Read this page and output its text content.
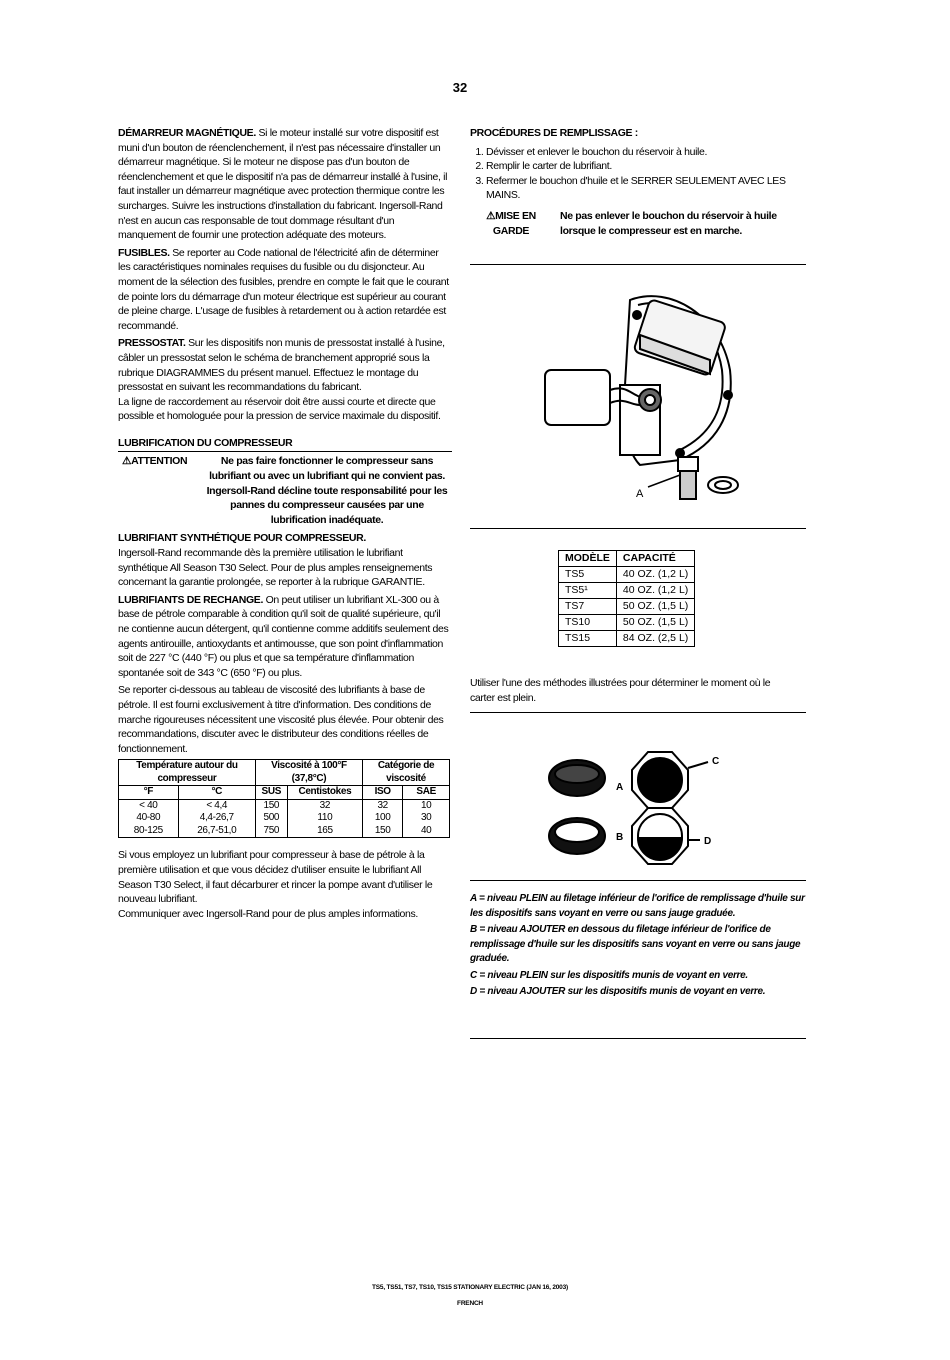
32

DÉMARREUR MAGNÉTIQUE. Si le moteur installé sur votre dispositif est muni d'un bouton de réenclenchement, il n'est pas nécessaire d'installer un démarreur magnétique. Si le moteur ne dispose pas d'un bouton de réenclenchement et que le dispositif n'a pas de démarreur installé à l'usine, il faut installer un démarreur magnétique avec protection thermique contre les surcharges. Suivre les instructions d'installation du fabricant. Ingersoll-Rand n'est en aucun cas responsable de tout dommage résultant d'un manquement de fournir une protection adéquate des moteurs.

FUSIBLES. Se reporter au Code national de l'électricité afin de déterminer les caractéristiques nominales requises du fusible ou du disjoncteur. Au moment de la sélection des fusibles, prendre en compte le fait que le courant de pointe lors du démarrage d'un moteur électrique est supérieur au courant de pleine charge. L'usage de fusibles à retardement ou à action retardée est recommandé.

PRESSOSTAT. Sur les dispositifs non munis de pressostat installé à l'usine, câbler un pressostat selon le schéma de branchement approprié sous la rubrique DIAGRAMMES du présent manuel. Effectuez le montage du pressostat en suivant les recommandations du fabricant.

La ligne de raccordement au réservoir doit être aussi courte et directe que possible et homologuée pour la pression de service maximale du dispositif.

LUBRIFICATION DU COMPRESSEUR
⚠ATTENTION	Ne pas faire fonctionner le compresseur sans lubrifiant ou avec un lubrifiant qui ne convient pas. Ingersoll-Rand décline toute responsabilité pour les pannes du compresseur causées par une lubrification inadéquate.

LUBRIFIANT SYNTHÉTIQUE POUR COMPRESSEUR.
Ingersoll-Rand recommande dès la première utilisation le lubrifiant synthétique All Season T30 Select. Pour de plus amples renseignements concernant la garantie prolongée, se reporter à la rubrique GARANTIE.

LUBRIFIANTS DE RECHANGE. On peut utiliser un lubrifiant XL-300 ou à base de pétrole comparable à condition qu'il soit de qualité supérieure, qu'il ne contienne aucun détergent, qu'il contienne comme additifs seulement des agents antirouille, antioxydants et antimousse, que son point d'inflammation soit de 227 °C (440 °F) ou plus et que sa température d'inflammation spontanée soit de 343 °C (650 °F) ou plus.

Se reporter ci-dessous au tableau de viscosité des lubrifiants à base de pétrole. Il est fourni exclusivement à titre d'information. Des conditions de marche rigoureuses nécessitent une viscosité plus élevée. Pour obtenir des recommandations, discuter avec le distributeur des conditions réelles de fonctionnement.

Température autour du compresseur		Viscosité à 100°F (37,8°C)		Catégorie de viscosité	
°F	°C	SUS	Centistokes	ISO	SAE
< 40	< 4,4	150	32	32	10
40-80	4,4-26,7	500	110	100	30
80-125	26,7-51,0	750	165	150	40

Si vous employez un lubrifiant pour compresseur à base de pétrole à la première utilisation et que vous décidez d'utiliser ensuite le lubrifiant All Season T30 Select, il faut décarburer et rincer la pompe avant d'utiliser le nouveau lubrifiant.

Communiquer avec Ingersoll-Rand pour de plus amples informations.

PROCÉDURES DE REMPLISSAGE :
1. Dévisser et enlever le bouchon du réservoir à huile.
2. Remplir le carter de lubrifiant.
3. Refermer le bouchon d'huile et le SERRER SEULEMENT AVEC LES MAINS.
⚠MISE EN GARDE
Ne pas enlever le bouchon du réservoir à huile lorsque le compresseur est en marche.
A
MODÈLE	CAPACITÉ
TS5	40 OZ. (1,2 L)
TS5¹	40 OZ. (1,2 L)
TS7	50 OZ. (1,5 L)
TS10	50 OZ. (1,5 L)
TS15	84 OZ. (2,5 L)
Utiliser l'une des méthodes illustrées pour déterminer le moment où le carter est plein.
A
B
C
D

A = niveau PLEIN au filetage inférieur de l'orifice de remplissage d'huile sur les dispositifs sans voyant en verre ou sans jauge graduée.

B = niveau AJOUTER en dessous du filetage inférieur de l'orifice de remplissage d'huile sur les dispositifs sans voyant en verre ou sans jauge graduée.

C = niveau PLEIN sur les dispositifs munis de voyant en verre.

D = niveau AJOUTER sur les dispositifs munis de voyant en verre.

TS5, TS51, TS7, TS10, TS15 STATIONARY ELECTRIC (JAN 16, 2003)
FRENCH
